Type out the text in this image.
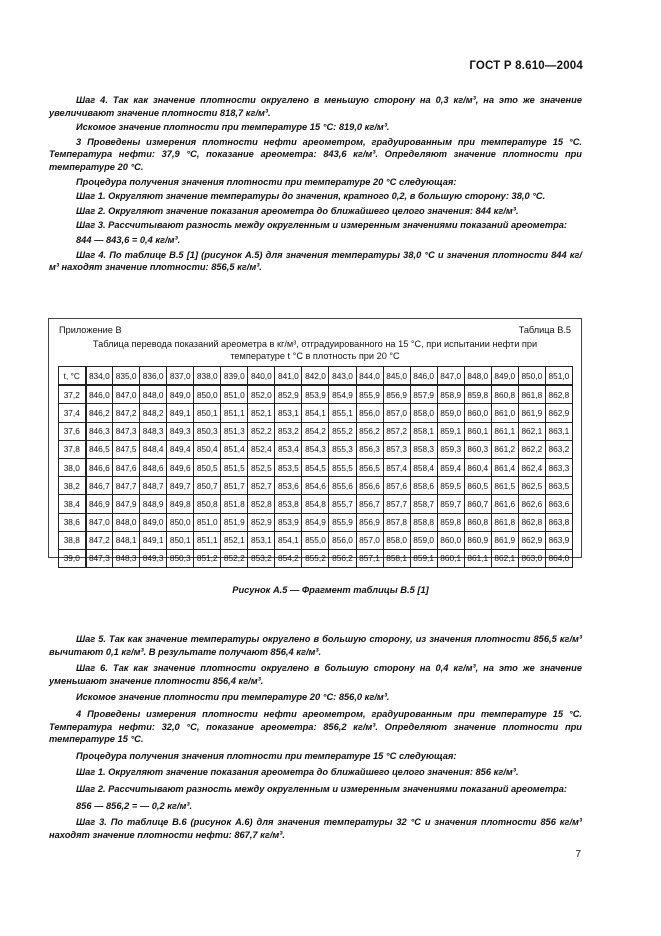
ГОСТ Р 8.610—2004

Шаг 4. Так как значение плотности округлено в меньшую сторону на 0,3 кг/м³, на это же значение увеличивают значение плотности 818,7 кг/м³.

Искомое значение плотности при температуре 15 °С: 819,0 кг/м³.

3 Проведены измерения плотности нефти ареометром, градуированным при температуре 15 °С. Температура нефти: 37,9 °С, показание ареометра: 843,6 кг/м³. Определяют значение плотности при температуре 20 °С.

Процедура получения значения плотности при температуре 20 °С следующая:

Шаг 1. Округляют значение температуры до значения, кратного 0,2, в большую сторону: 38,0 °С.

Шаг 2. Округляют значение показания ареометра до ближайшего целого значения: 844 кг/м³.

Шаг 3. Рассчитывают разность между округленным и измеренным значениями показаний ареометра:

844 — 843,6 = 0,4 кг/м³.

Шаг 4. По таблице В.5 [1] (рисунок А.5) для значения температуры 38,0 °С и значения плотности 844 кг/м³ находят значение плотности: 856,5 кг/м³.

Приложение В	Таблица В.5
Таблица перевода показаний ареометра в кг/м³, отградуированного на 15 °С, при испытании нефти при
температуре t °С в плотность при 20 °С
t, °С	834,0	835,0	836,0	837,0	838,0	839,0	840,0	841,0	842,0	843,0	844,0	845,0	846,0	847,0	848,0	849,0	850,0	851,0
37,2	846,0	847,0	848,0	849,0	850,0	851,0	852,0	852,9	853,9	854,9	855,9	856,9	857,9	858,9	859,8	860,8	861,8	862,8
37,4	846,2	847,2	848,2	849,1	850,1	851,1	852,1	853,1	854,1	855,1	856,0	857,0	858,0	859,0	860,0	861,0	861,9	862,9
37,6	846,3	847,3	848,3	849,3	850,3	851,3	852,2	853,2	854,2	855,2	856,2	857,2	858,1	859,1	860,1	861,1	862,1	863,1
37,8	846,5	847,5	848,4	849,4	850,4	851,4	852,4	853,4	854,3	855,3	856,3	857,3	858,3	859,3	860,3	861,2	862,2	863,2
38,0	846,6	847,6	848,6	849,6	850,5	851,5	852,5	853,5	854,5	855,5	856,5	857,4	858,4	859,4	860,4	861,4	862,4	863,3
38,2	846,7	847,7	848,7	849,7	850,7	851,7	852,7	853,6	854,6	855,6	856,6	857,6	858,6	859,5	860,5	861,5	862,5	863,5
38,4	846,9	847,9	848,9	849,8	850,8	851,8	852,8	853,8	854,8	855,7	856,7	857,7	858,7	859,7	860,7	861,6	862,6	863,6
38,6	847,0	848,0	849,0	850,0	851,0	851,9	852,9	853,9	854,9	855,9	856,9	857,8	858,8	859,8	860,8	861,8	862,8	863,8
38,8	847,2	848,1	849,1	850,1	851,1	852,1	853,1	854,1	855,0	856,0	857,0	858,0	859,0	860,0	860,9	861,9	862,9	863,9
39,0	847,3	848,3	849,3	850,3	851,2	852,2	853,2	854,2	855,2	856,2	857,1	858,1	859,1	860,1	861,1	862,1	863,0	864,0
Рисунок А.5 — Фрагмент таблицы В.5 [1]

Шаг 5. Так как значение температуры округлено в большую сторону, из значения плотности 856,5 кг/м³ вычитают 0,1 кг/м³. В результате получают 856,4 кг/м³.

Шаг 6. Так как значение плотности округлено в большую сторону на 0,4 кг/м³, на это же значение уменьшают значение плотности 856,4 кг/м³.

Искомое значение плотности при температуре 20 °С: 856,0 кг/м³.

4 Проведены измерения плотности нефти ареометром, градуированным при температуре 15 °С. Температура нефти: 32,0 °С, показание ареометра: 856,2 кг/м³. Определяют значение плотности при температуре 15 °С.

Процедура получения значения плотности при температуре 15 °С следующая:

Шаг 1. Округляют значение показания ареометра до ближайшего целого значения: 856 кг/м³.

Шаг 2. Рассчитывают разность между округленным и измеренным значениями показаний ареометра:

856 — 856,2 = — 0,2 кг/м³.

Шаг 3. По таблице В.6 (рисунок А.6) для значения температуры 32 °С и значения плотности 856 кг/м³ находят значение плотности нефти: 867,7 кг/м³.

7
